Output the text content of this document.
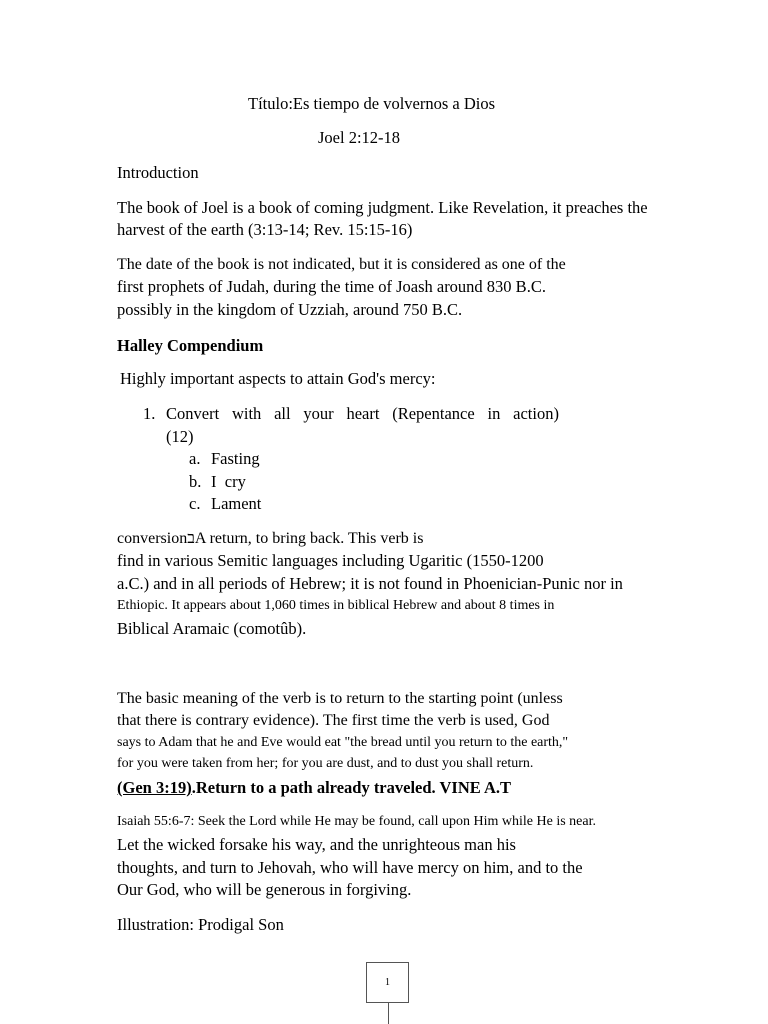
Título:Es tiempo de volvernos a Dios
Joel 2:12-18
Introduction
The book of Joel is a book of coming judgment. Like Revelation, it preaches the
harvest of the earth (3:13-14; Rev. 15:15-16)
The date of the book is not indicated, but it is considered as one of the
first prophets of Judah, during the time of Joash around 830 B.C.
possibly in the kingdom of Uzziah, around 750 B.C.
Halley Compendium
Highly important aspects to attain God's mercy:
1. Convert with all your heart (Repentance in action)
(12)
a. Fasting
b. I  cry
c. Lament
conversionבA return, to bring back. This verb is
find in various Semitic languages including Ugaritic (1550-1200
a.C.) and in all periods of Hebrew; it is not found in Phoenician-Punic nor in
Ethiopic. It appears about 1,060 times in biblical Hebrew and about 8 times in
Biblical Aramaic (comotûb).
The basic meaning of the verb is to return to the starting point (unless
that there is contrary evidence). The first time the verb is used, God
says to Adam that he and Eve would eat "the bread until you return to the earth,"
for you were taken from her; for you are dust, and to dust you shall return.
(Gen 3:19).Return to a path already traveled. VINE A.T
Isaiah 55:6-7: Seek the Lord while He may be found, call upon Him while He is near.
Let the wicked forsake his way, and the unrighteous man his
thoughts, and turn to Jehovah, who will have mercy on him, and to the
Our God, who will be generous in forgiving.
Illustration: Prodigal Son
1
